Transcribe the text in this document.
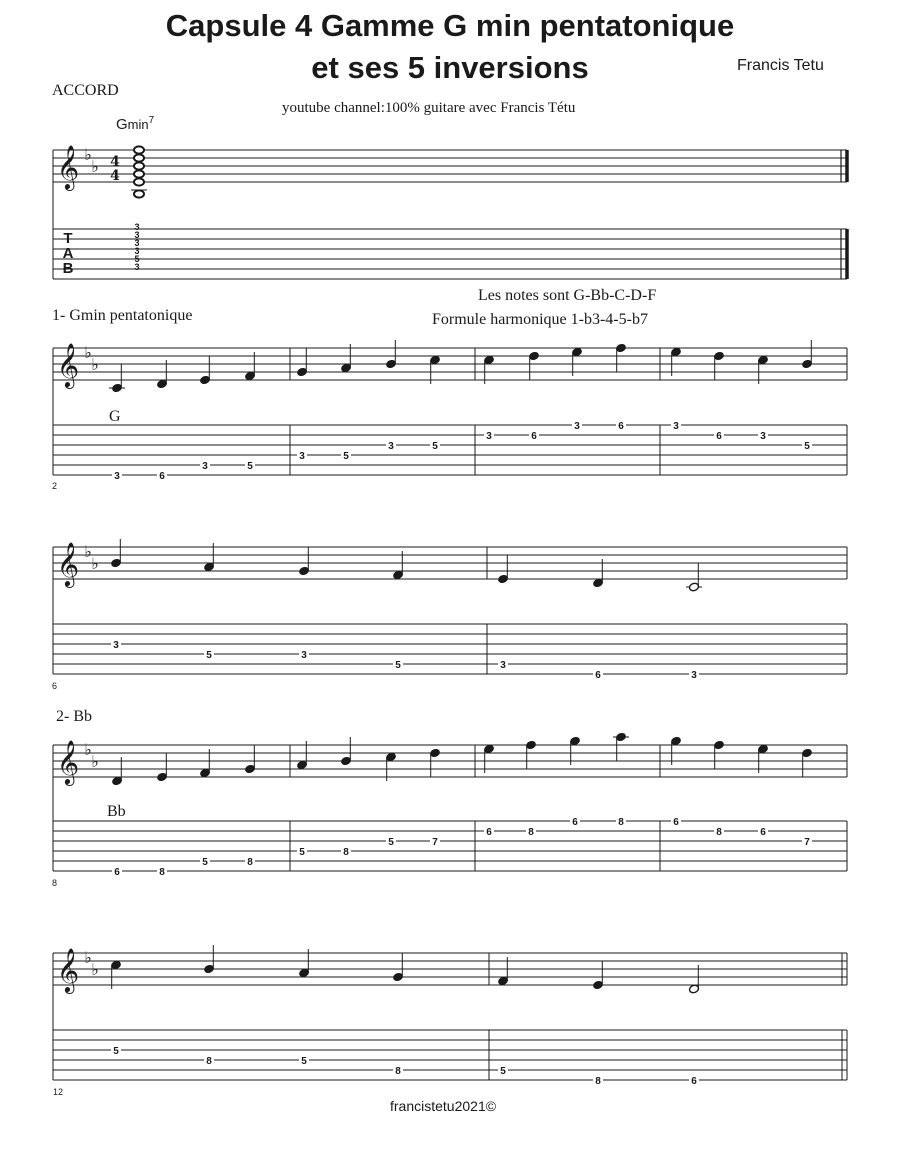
Capsule 4 Gamme G min pentatonique
et ses 5 inversions	Francis Tetu
ACCORD
youtube channel:100% guitare avec Francis Tétu
Gmin$^7$
Les notes sont G-Bb-C-D-F
1- Gmin pentatonique	Formule harmonique 1-b3-4-5-b7
G
2
6
2- Bb
Bb
8
12
francistetu2021©
𝄞 ♭
♭ 4
4
T
A
B
3
3
3
3
5
3
𝄞 ♭
♭
3	6
3	5
3	5
3	5
3	6
3	6	3
6	3
5
𝄞 ♭
♭
3
5	3
5	3
6	3
𝄞 ♭
♭
6	8
5	8
5	8
5	7
6	8
6	8	6
8	6
7
𝄞 ♭
♭
5
8	5
8	5
8	6
